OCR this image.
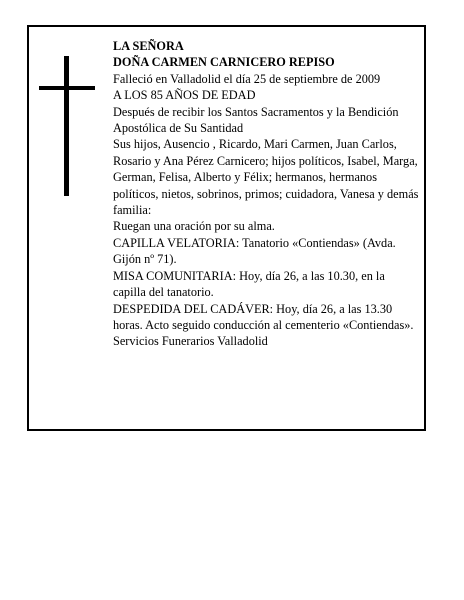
LA SEÑORA

DOÑA CARMEN CARNICERO REPISO

Falleció en Valladolid el día 25 de septiembre de 2009

A LOS 85 AÑOS DE EDAD

Después de recibir los Santos Sacramentos y la Bendición Apostólica de Su Santidad

Sus hijos, Ausencio , Ricardo, Mari Carmen, Juan Carlos, Rosario y Ana Pérez Carnicero; hijos políticos, Isabel, Marga, German, Felisa, Alberto y Félix; hermanos, hermanos políticos, nietos, sobrinos, primos; cuidadora, Vanesa y demás familia:

Ruegan una oración por su alma.

CAPILLA VELATORIA: Tanatorio «Contiendas» (Avda. Gijón nº 71).

MISA COMUNITARIA: Hoy, día 26, a las 10.30, en la capilla del tanatorio.

DESPEDIDA DEL CADÁVER: Hoy, día 26, a las 13.30 horas. Acto seguido conducción al cementerio «Contiendas».

Servicios Funerarios Valladolid
